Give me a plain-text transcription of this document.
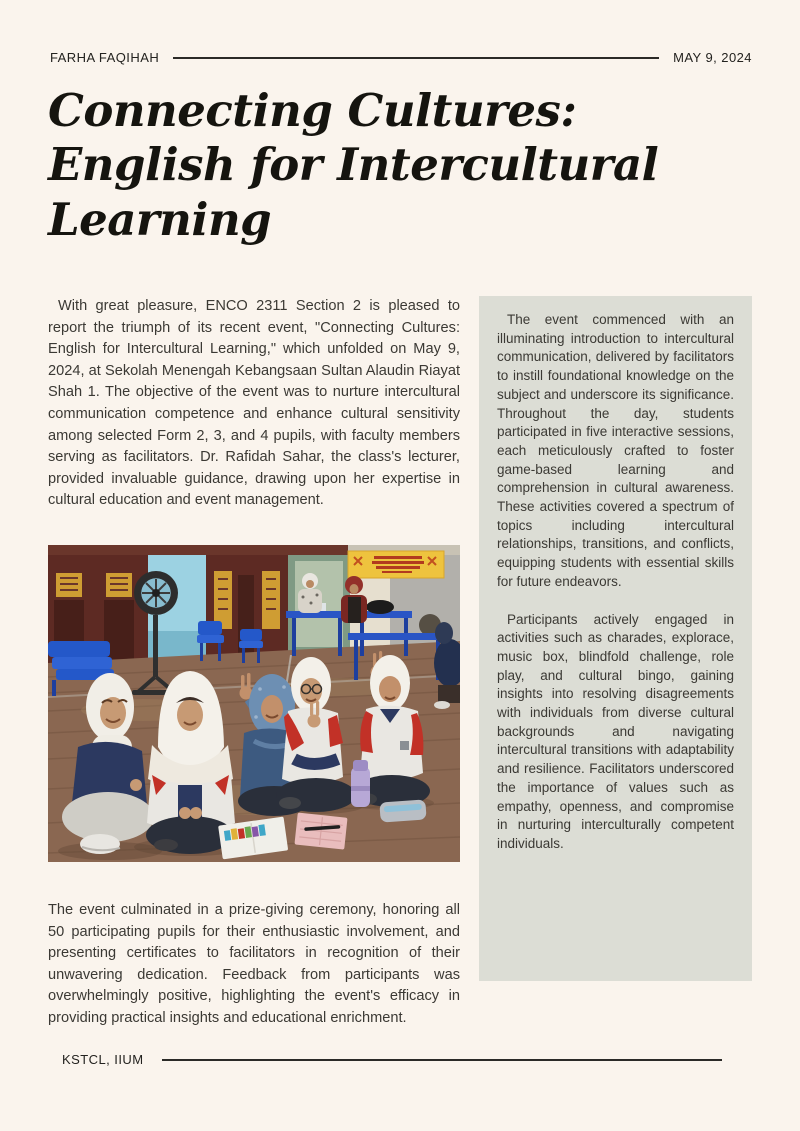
FARHA FAQIHAH	MAY 9, 2024
Connecting Cultures:
English for Intercultural
Learning

With great pleasure, ENCO 2311 Section 2 is pleased to report the triumph of its recent event, "Connecting Cultures: English for Intercultural Learning," which unfolded on May 9, 2024, at Sekolah Menengah Kebangsaan Sultan Alaudin Riayat Shah 1. The objective of the event was to nurture intercultural communication competence and enhance cultural sensitivity among selected Form 2, 3, and 4 pupils, with faculty members serving as facilitators. Dr. Rafidah Sahar, the class's lecturer, provided invaluable guidance, drawing upon her expertise in cultural education and event management.

The event culminated in a prize-giving ceremony, honoring all 50 participating pupils for their enthusiastic involvement, and presenting certificates to facilitators in recognition of their unwavering dedication. Feedback from participants was overwhelmingly positive, highlighting the event's efficacy in providing practical insights and educational enrichment.

The event commenced with an illuminating introduction to intercultural communication, delivered by facilitators to instill foundational knowledge on the subject and underscore its significance. Throughout the day, students participated in five interactive sessions, each meticulously crafted to foster game-based learning and comprehension in cultural awareness. These activities covered a spectrum of topics including intercultural relationships, transitions, and conflicts, equipping students with essential skills for future endeavors.

Participants actively engaged in activities such as charades, explorace, music box, blindfold challenge, role play, and cultural bingo, gaining insights into resolving disagreements with individuals from diverse cultural backgrounds and navigating intercultural transitions with adaptability and resilience. Facilitators underscored the importance of values such as empathy, openness, and compromise in nurturing interculturally competent individuals.

KSTCL, IIUM
